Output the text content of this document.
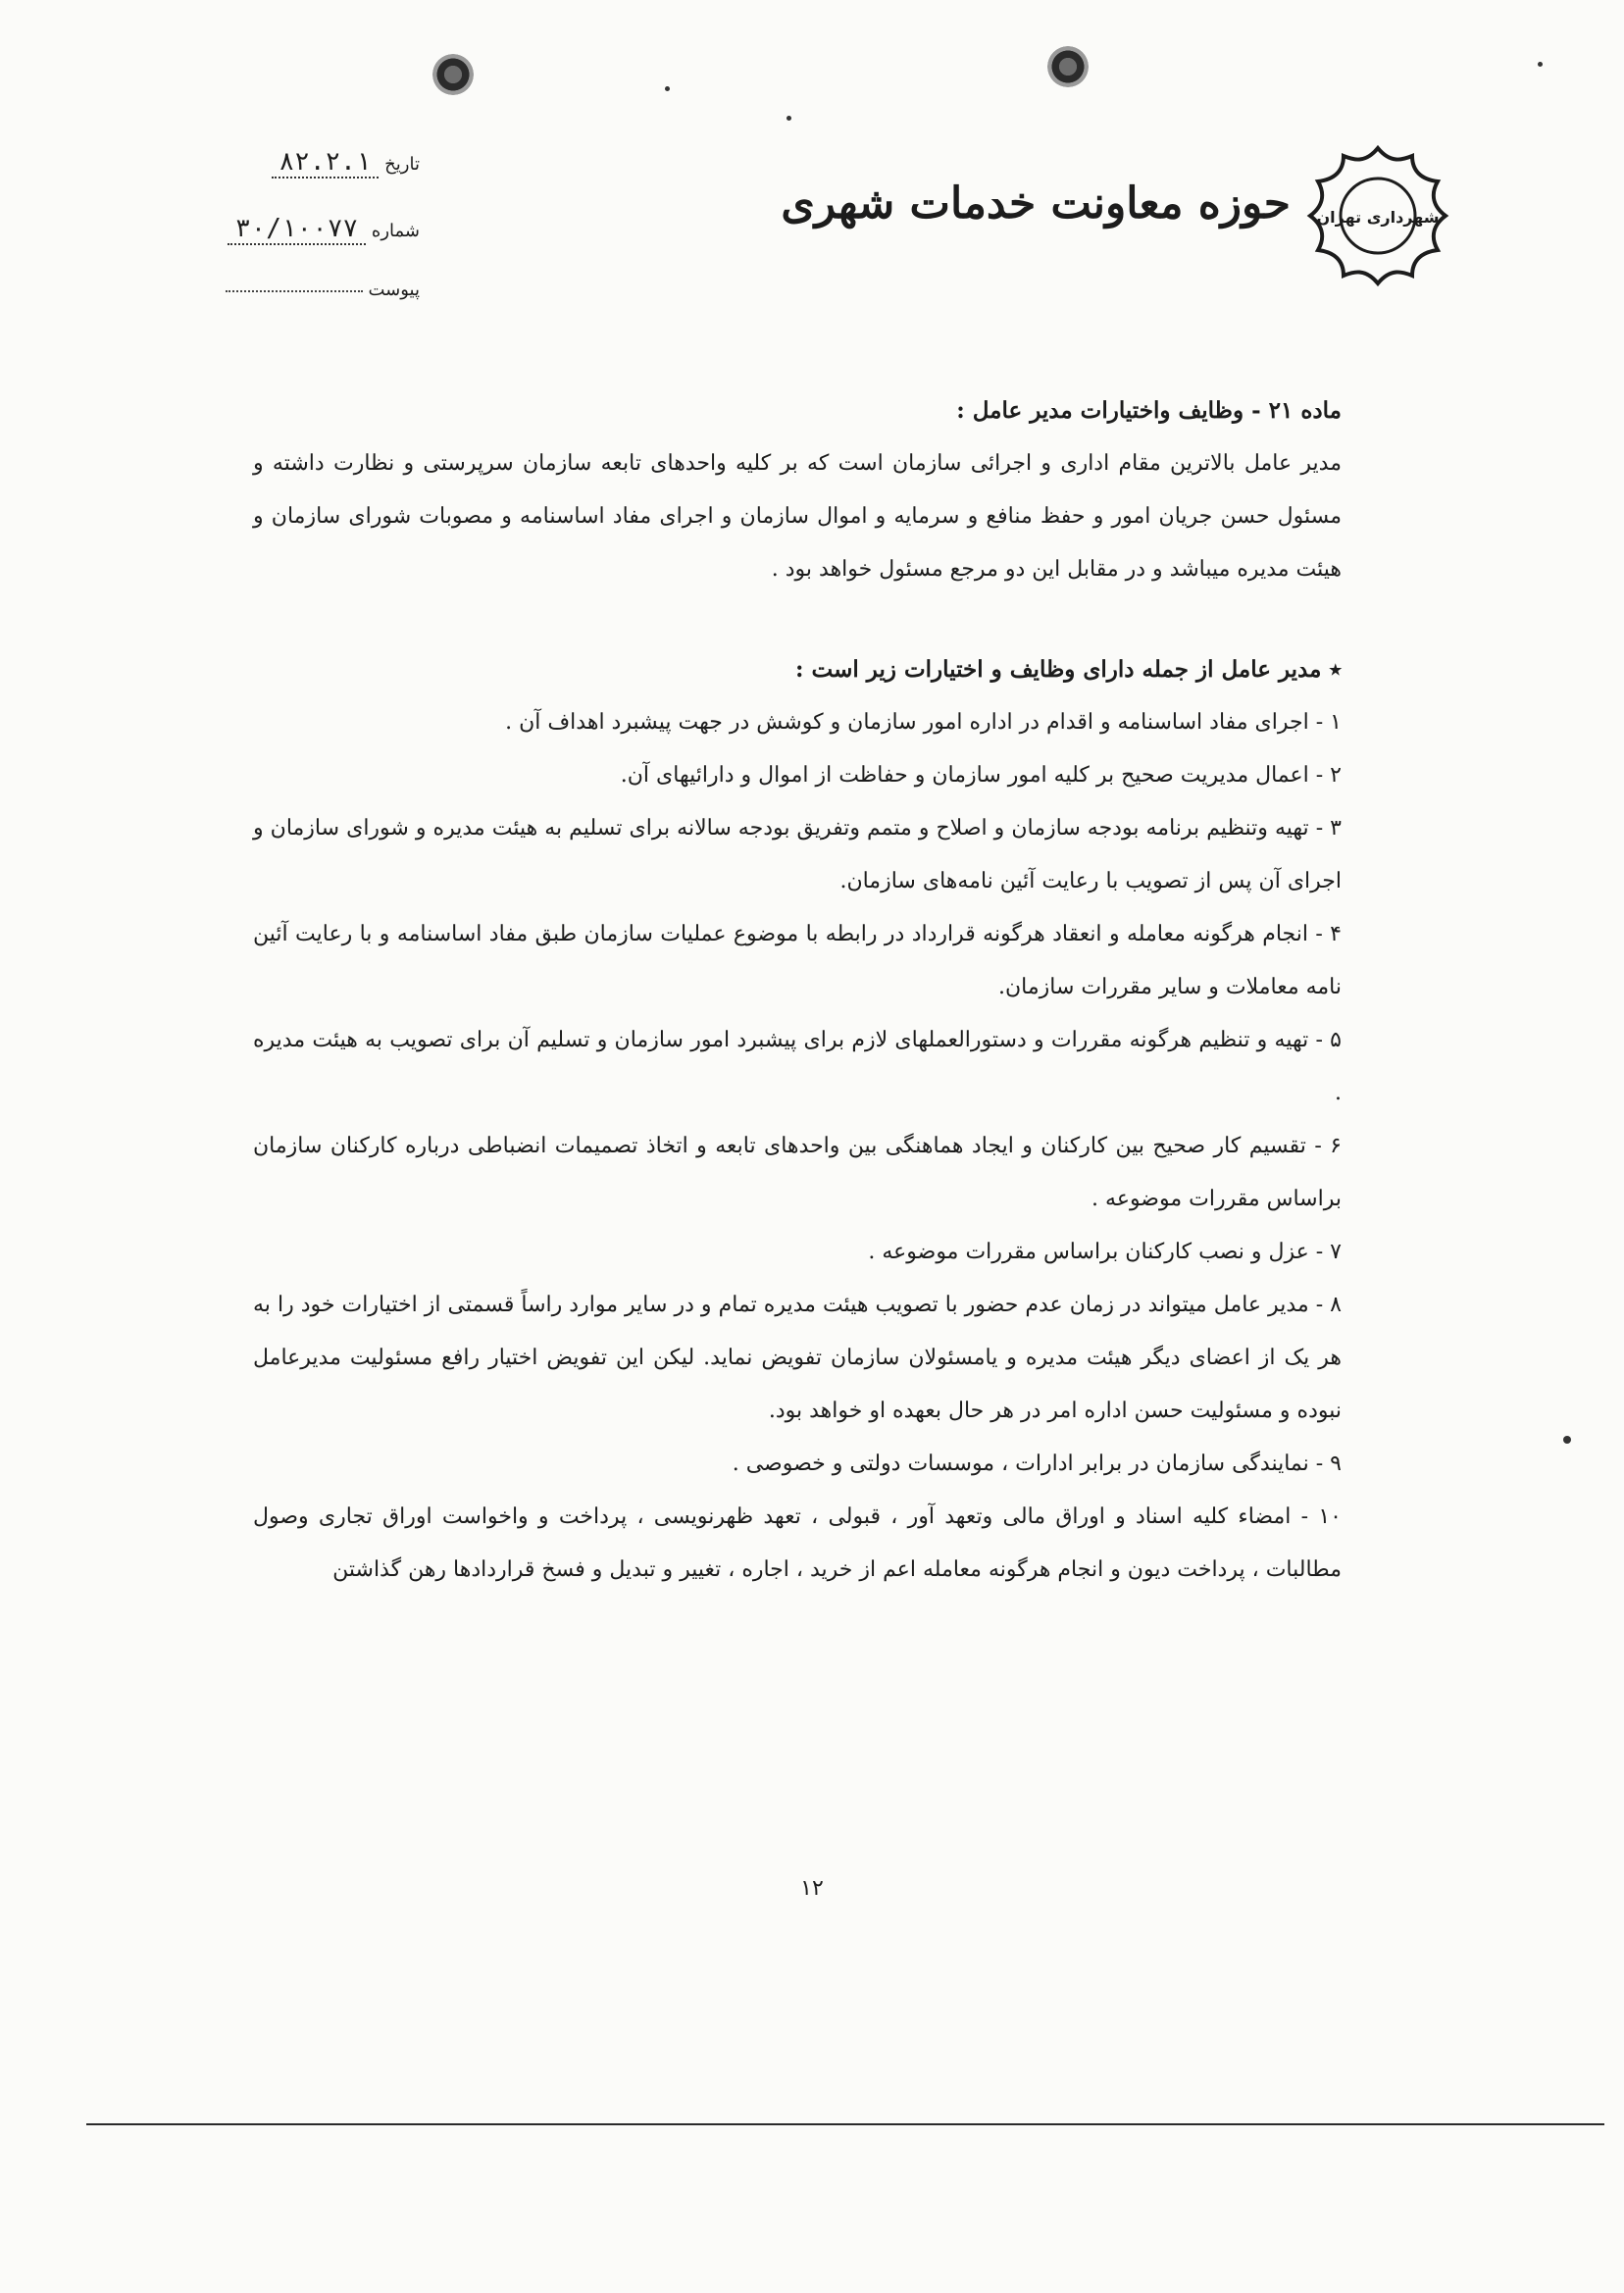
شهرداری تهران
حوزه معاونت خدمات شهری
تاریخ ۸۲.۲.۱
شماره ۳۰/۱۰۰۷۷
پیوست

ماده ۲۱ - وظایف واختیارات مدیر عامل :

مدیر عامل بالاترین مقام اداری و اجرائی سازمان است که بر کلیه واحدهای تابعه سازمان سرپرستی و نظارت داشته و مسئول حسن جریان امور و حفظ منافع و سرمایه و اموال سازمان و اجرای مفاد اساسنامه و مصوبات شورای سازمان و هیئت مدیره میباشد و در مقابل این دو مرجع مسئول خواهد بود .

٭ مدیر عامل از جمله دارای وظایف و اختیارات زیر است :

۱ - اجرای مفاد اساسنامه و اقدام در اداره امور سازمان و کوشش در جهت پیشبرد اهداف آن .

۲ - اعمال مدیریت صحیح بر کلیه امور سازمان و حفاظت از اموال و دارائیهای آن.

۳ - تهیه وتنظیم برنامه بودجه سازمان و اصلاح و متمم وتفریق بودجه سالانه برای تسلیم به هیئت مدیره و شورای سازمان و اجرای آن پس از تصویب با رعایت آئین نامه‌های سازمان.

۴ - انجام هرگونه معامله و انعقاد هرگونه قرارداد در رابطه با موضوع عملیات سازمان طبق مفاد اساسنامه و با رعایت آئین نامه معاملات و سایر مقررات سازمان.

۵ - تهیه و تنظیم هرگونه مقررات و دستورالعملهای لازم برای پیشبرد امور سازمان و تسلیم آن برای تصویب به هیئت مدیره .

۶ - تقسیم کار صحیح بین کارکنان و ایجاد هماهنگی بین واحدهای تابعه و اتخاذ تصمیمات انضباطی درباره کارکنان سازمان براساس مقررات موضوعه .

۷ - عزل و نصب کارکنان براساس مقررات موضوعه .

۸ - مدیر عامل میتواند در زمان عدم حضور با تصویب هیئت مدیره تمام و در سایر موارد راساً قسمتی از اختیارات خود را به هر یک از اعضای دیگر هیئت مدیره و یامسئولان سازمان تفویض نماید. لیکن این تفویض اختیار رافع مسئولیت مدیرعامل نبوده و مسئولیت حسن اداره امر در هر حال بعهده او خواهد بود.

۹ - نمایندگی سازمان در برابر ادارات ، موسسات دولتی و خصوصی .

۱۰ - امضاء کلیه اسناد و اوراق مالی وتعهد آور ، قبولی ، تعهد ظهرنویسی ، پرداخت و واخواست اوراق تجاری وصول مطالبات ، پرداخت دیون و انجام هرگونه معامله اعم از خرید ، اجاره ، تغییر و تبدیل و فسخ قراردادها رهن گذاشتن

۱۲
